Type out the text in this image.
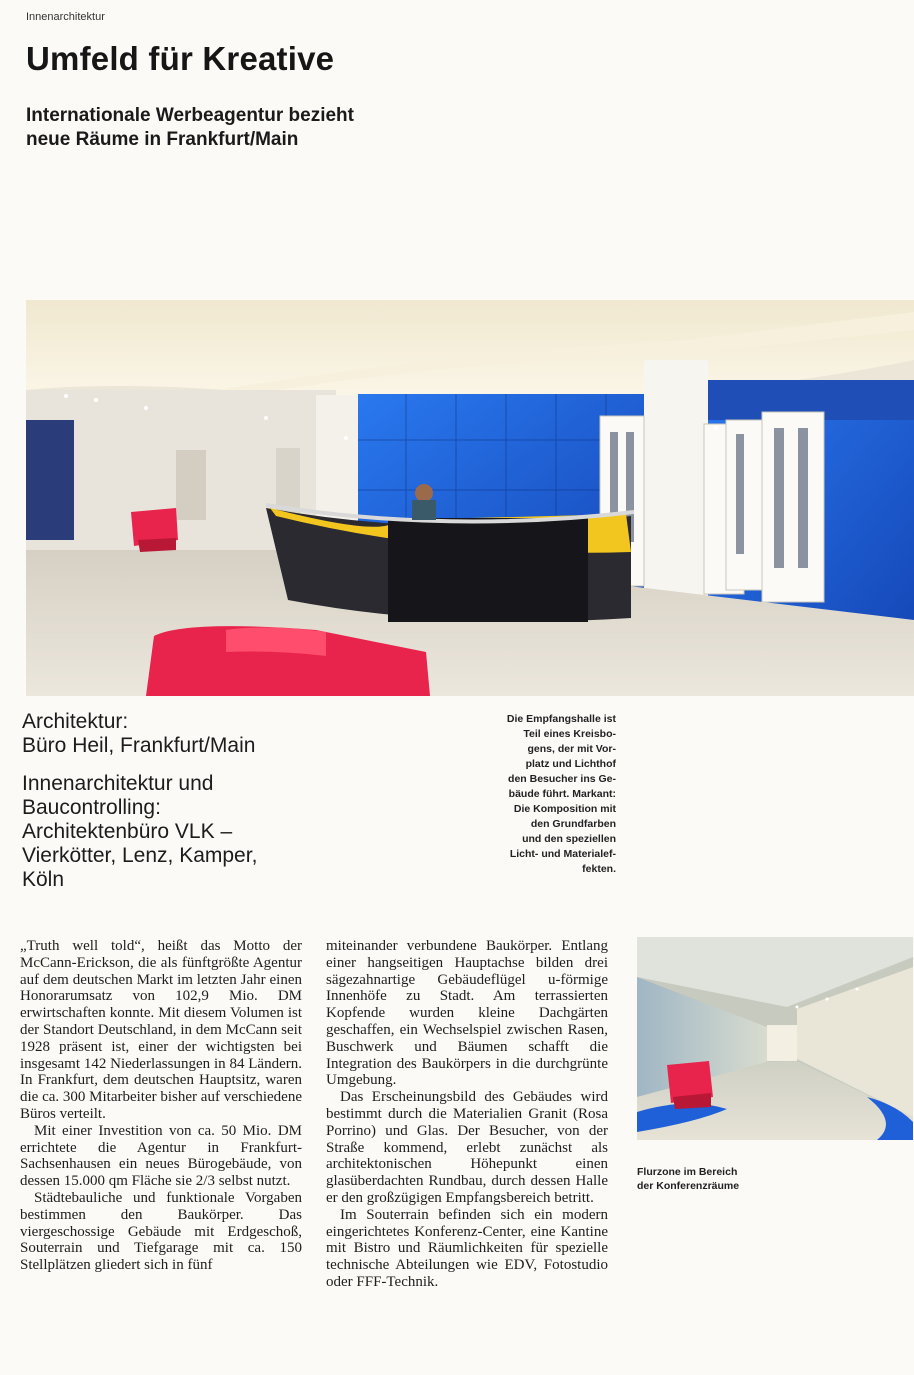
Innenarchitektur
Umfeld für Kreative
Internationale Werbeagentur bezieht
neue Räume in Frankfurt/Main

Architektur:
Büro Heil, Frankfurt/Main

Innenarchitektur und
Baucontrolling:
Architektenbüro VLK –
Vierkötter, Lenz, Kamper,
Köln

Die Empfangshalle ist
Teil eines Kreisbo-
gens, der mit Vor-
platz und Lichthof
den Besucher ins Ge-
bäude führt. Markant:
Die Komposition mit
den Grundfarben
und den speziellen
Licht- und Materialef-
fekten.

„Truth well told“, heißt das Motto der McCann-Erickson, die als fünftgrößte Agentur auf dem deutschen Markt im letzten Jahr einen Honorarumsatz von 102,9 Mio. DM erwirtschaften konnte. Mit diesem Volumen ist der Standort Deutschland, in dem McCann seit 1928 präsent ist, einer der wichtigsten bei insgesamt 142 Niederlassungen in 84 Ländern. In Frankfurt, dem deutschen Hauptsitz, waren die ca. 300 Mitarbeiter bisher auf verschiedene Büros verteilt.

Mit einer Investition von ca. 50 Mio. DM errichtete die Agentur in Frankfurt-Sachsenhausen ein neues Bürogebäude, von dessen 15.000 qm Fläche sie 2/3 selbst nutzt.

Städtebauliche und funktionale Vorgaben bestimmen den Baukörper. Das viergeschossige Gebäude mit Erdgeschoß, Souterrain und Tiefgarage mit ca. 150 Stellplätzen gliedert sich in fünf

miteinander verbundene Baukörper. Entlang einer hangseitigen Hauptachse bilden drei sägezahnartige Gebäudeflügel u-förmige Innenhöfe zu Stadt. Am terrassierten Kopfende wurden kleine Dachgärten geschaffen, ein Wechselspiel zwischen Rasen, Buschwerk und Bäumen schafft die Integration des Baukörpers in die durchgrünte Umgebung.

Das Erscheinungsbild des Gebäudes wird bestimmt durch die Materialien Granit (Rosa Porrino) und Glas. Der Besucher, von der Straße kommend, erlebt zunächst als architektonischen Höhepunkt einen glasüberdachten Rundbau, durch dessen Halle er den großzügigen Empfangsbereich betritt.

Im Souterrain befinden sich ein modern eingerichtetes Konferenz-Center, eine Kantine mit Bistro und Räumlichkeiten für spezielle technische Abteilungen wie EDV, Fotostudio oder FFF-Technik.

Flurzone im Bereich
der Konferenzräume
